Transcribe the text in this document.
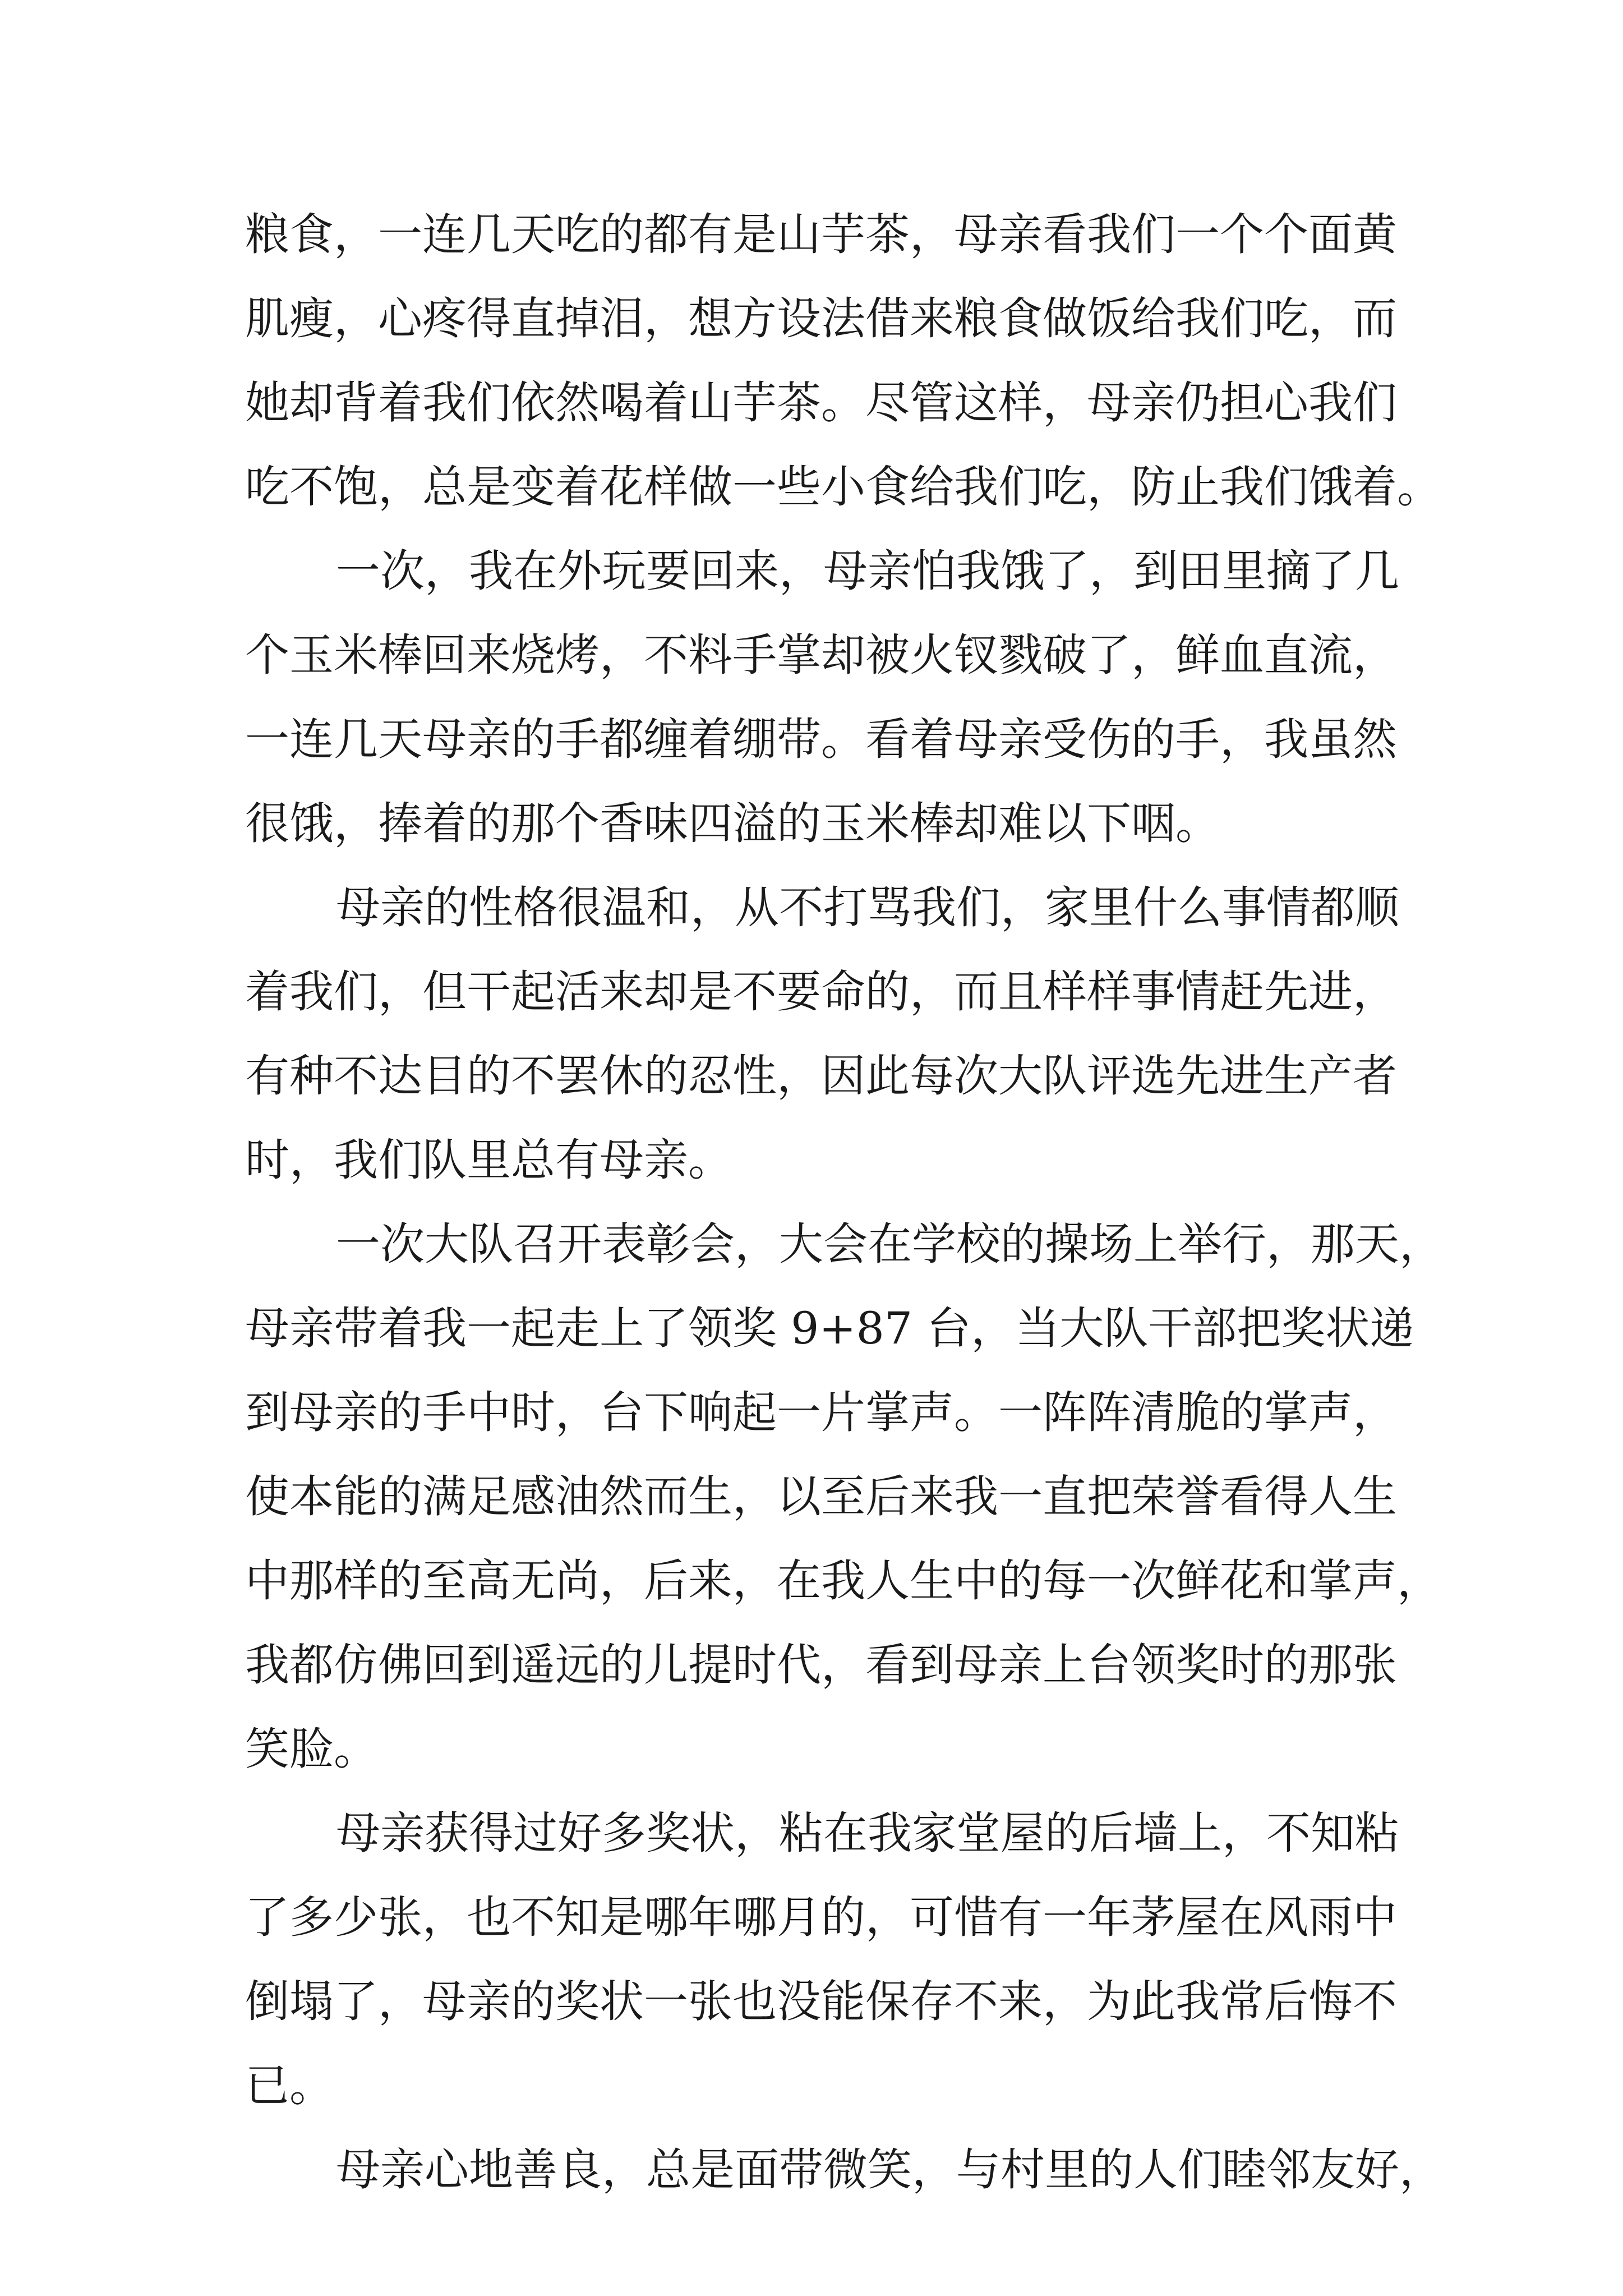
粮食，一连几天吃的都有是山芋茶，母亲看我们一个个面黄

肌瘦，心疼得直掉泪，想方设法借来粮食做饭给我们吃，而

她却背着我们依然喝着山芋茶。尽管这样，母亲仍担心我们

吃不饱，总是变着花样做一些小食给我们吃，防止我们饿着。

一次，我在外玩要回来，母亲怕我饿了，到田里摘了几

个玉米棒回来烧烤，不料手掌却被火钗戮破了，鲜血直流，

一连几天母亲的手都缠着绷带。看着母亲受伤的手，我虽然

很饿，捧着的那个香味四溢的玉米棒却难以下咽。

母亲的性格很温和，从不打骂我们，家里什么事情都顺

着我们，但干起活来却是不要命的，而且样样事情赶先进，

有种不达目的不罢休的忍性，因此每次大队评选先进生产者

时，我们队里总有母亲。

一次大队召开表彰会，大会在学校的操场上举行，那天，

母亲带着我一起走上了领奖 9+87 台，当大队干部把奖状递

到母亲的手中时，台下响起一片掌声。一阵阵清脆的掌声，

使本能的满足感油然而生，以至后来我一直把荣誉看得人生

中那样的至高无尚，后来，在我人生中的每一次鲜花和掌声，

我都仿佛回到遥远的儿提时代，看到母亲上台领奖时的那张

笑脸。

母亲获得过好多奖状，粘在我家堂屋的后墙上，不知粘

了多少张，也不知是哪年哪月的，可惜有一年茅屋在风雨中

倒塌了，母亲的奖状一张也没能保存不来，为此我常后悔不

已。

母亲心地善良，总是面带微笑，与村里的人们睦邻友好，
